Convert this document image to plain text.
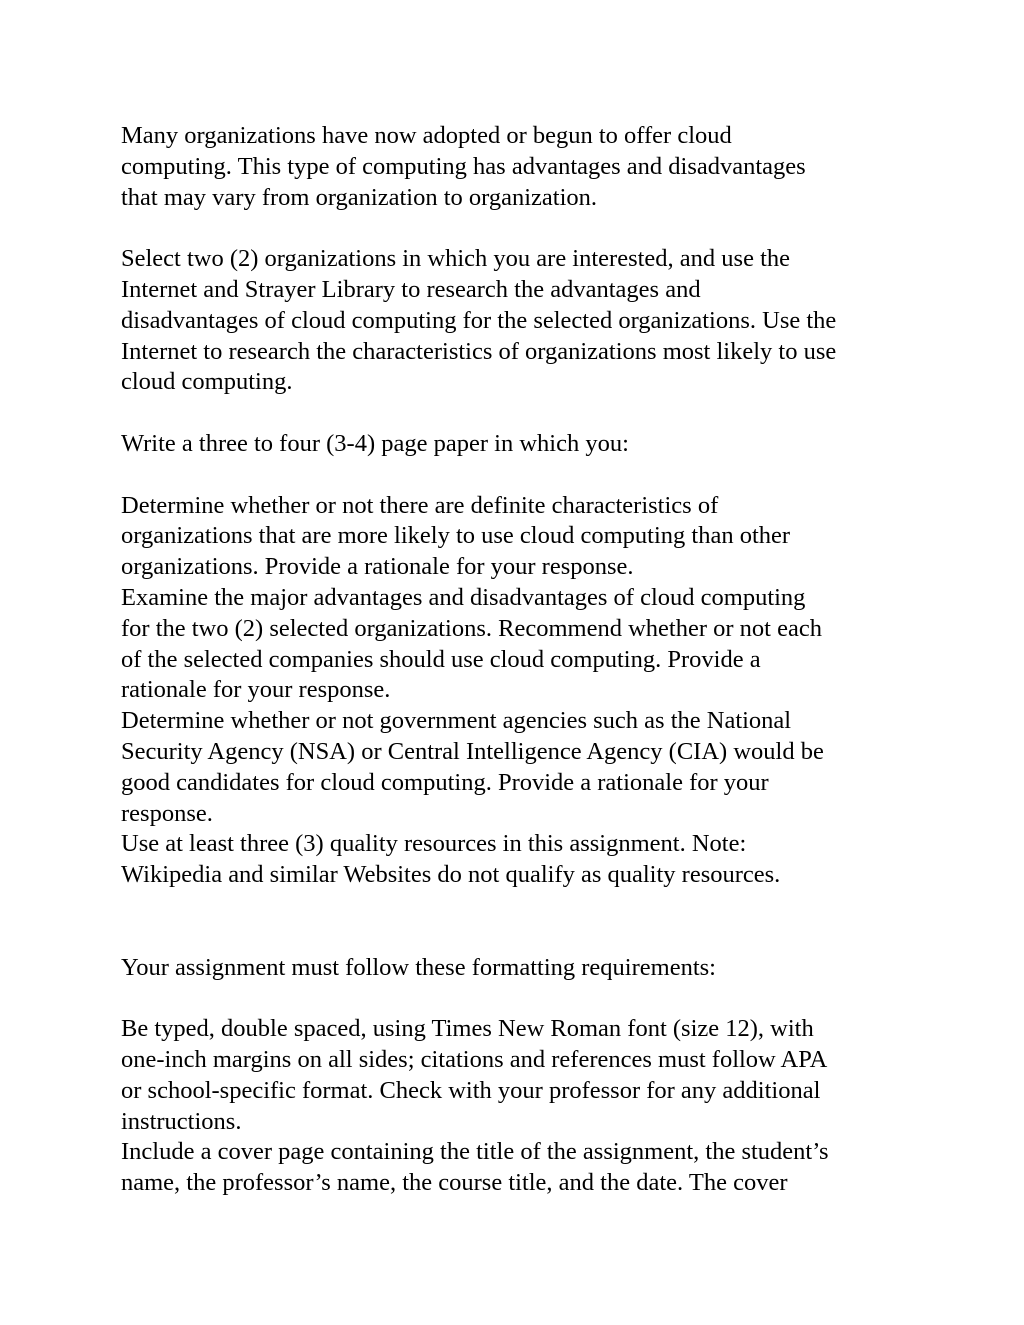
Many organizations have now adopted or begun to offer cloud
computing. This type of computing has advantages and disadvantages
that may vary from organization to organization.

Select two (2) organizations in which you are interested, and use the
Internet and Strayer Library to research the advantages and
disadvantages of cloud computing for the selected organizations. Use the
Internet to research the characteristics of organizations most likely to use
cloud computing.

Write a three to four (3-4) page paper in which you:

Determine whether or not there are definite characteristics of
organizations that are more likely to use cloud computing than other
organizations. Provide a rationale for your response.
Examine the major advantages and disadvantages of cloud computing
for the two (2) selected organizations. Recommend whether or not each
of the selected companies should use cloud computing. Provide a
rationale for your response.
Determine whether or not government agencies such as the National
Security Agency (NSA) or Central Intelligence Agency (CIA) would be
good candidates for cloud computing. Provide a rationale for your
response.
Use at least three (3) quality resources in this assignment. Note:
Wikipedia and similar Websites do not qualify as quality resources.

Your assignment must follow these formatting requirements:

Be typed, double spaced, using Times New Roman font (size 12), with
one-inch margins on all sides; citations and references must follow APA
or school-specific format. Check with your professor for any additional
instructions.
Include a cover page containing the title of the assignment, the student’s
name, the professor’s name, the course title, and the date. The cover
